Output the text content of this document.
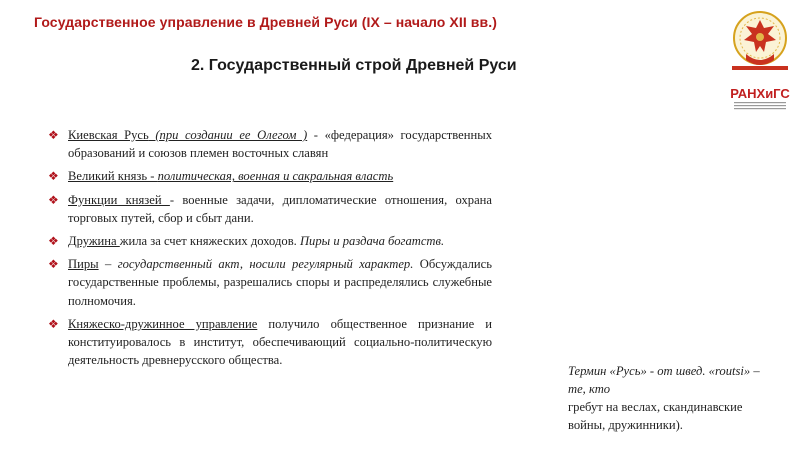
Государственное управление в Древней Руси (IX – начало XII вв.)
РАНХиГС
2. Государственный строй Древней Руси
❖ Киевская Русь (при создании ее Олегом ) - «федерация» государственных образований и союзов племен восточных славян
❖ Великий князь - политическая, военная и сакральная власть
❖ Функции князей - военные задачи, дипломатические отношения, охрана торговых путей, сбор и сбыт дани.
❖ Дружина жила за счет княжеских доходов. Пиры и раздача богатств.
❖ Пиры – государственный акт, носили регулярный характер. Обсуждались государственные проблемы, разрешались споры и распределялись служебные полномочия.
❖ Княжеско-дружинное управление получило общественное признание и конституировалось в институт, обеспечивающий социально-политическую деятельность древнерусского общества.
Термин «Русь» - от швед. «routsi» – те, кто
гребут на веслах, скандинавские войны, дружинники).
